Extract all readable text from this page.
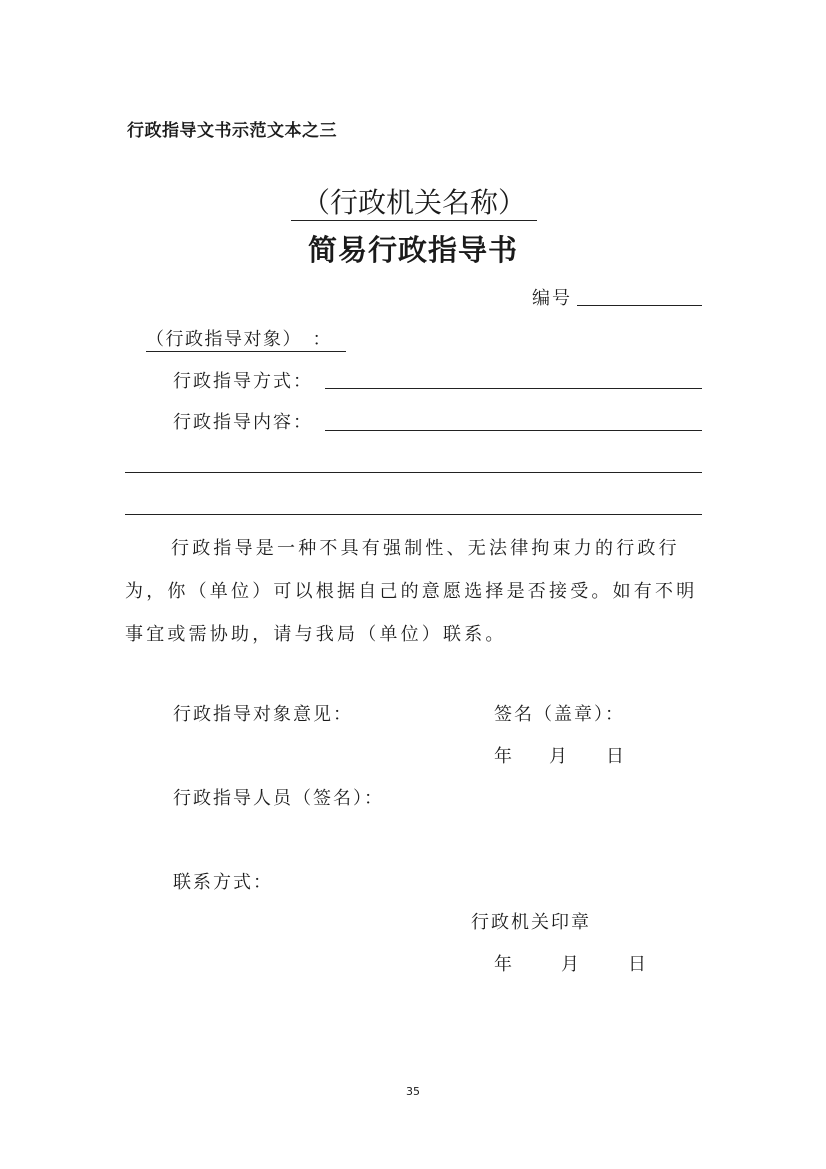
行政指导文书示范文本之三
（行政机关名称）
简易行政指导书
编号
（行政指导对象）　：
行政指导方式：
行政指导内容：
行政指导是一种不具有强制性、无法律拘束力的行政行为，你（单位）可以根据自己的意愿选择是否接受。如有不明事宜或需协助，请与我局（单位）联系。
行政指导对象意见：	签名（盖章）：
年 月 日
行政指导人员（签名）：
联系方式：
行政机关印章
年	月	日
35
